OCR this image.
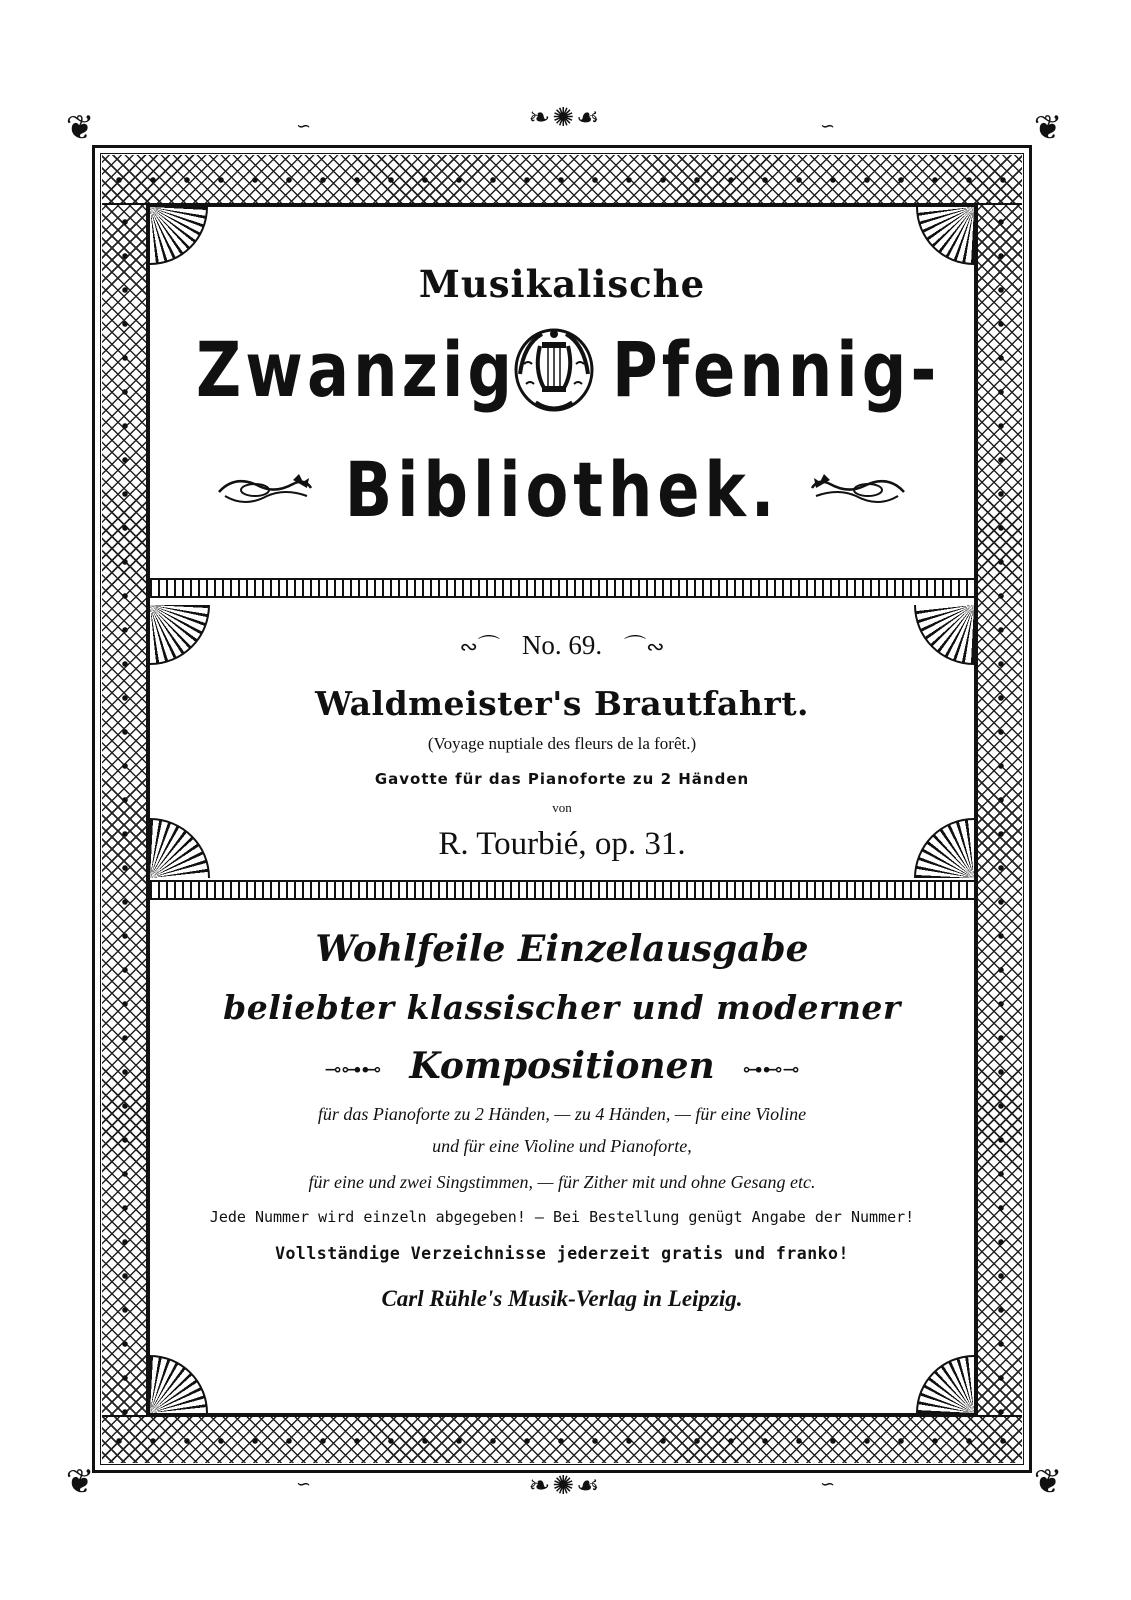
❦	❦
❦	❦
❧✺☙
❧✺☙
∽	∽
∽	∽
Musikalische
Zwanzig Pfennig-
Bibliothek.
∾⌒ No. 69. ⌒∾
Waldmeister's Brautfahrt.
(Voyage nuptiale des fleurs de la forêt.)
Gavotte für das Pianoforte zu 2 Händen
von
R. Tourbié, op. 31.
Wohlfeile Einzelausgabe
beliebter klassischer und moderner
⊸⊶⊷ Kompositionen ⊶⊷⊸
für das Pianoforte zu 2 Händen, — zu 4 Händen, — für eine Violine
und für eine Violine und Pianoforte,
für eine und zwei Singstimmen, — für Zither mit und ohne Gesang etc.
Jede Nummer wird einzeln abgegeben! — Bei Bestellung genügt Angabe der Nummer!
Vollständige Verzeichnisse jederzeit gratis und franko!
Carl Rühle's Musik-Verlag in Leipzig.
